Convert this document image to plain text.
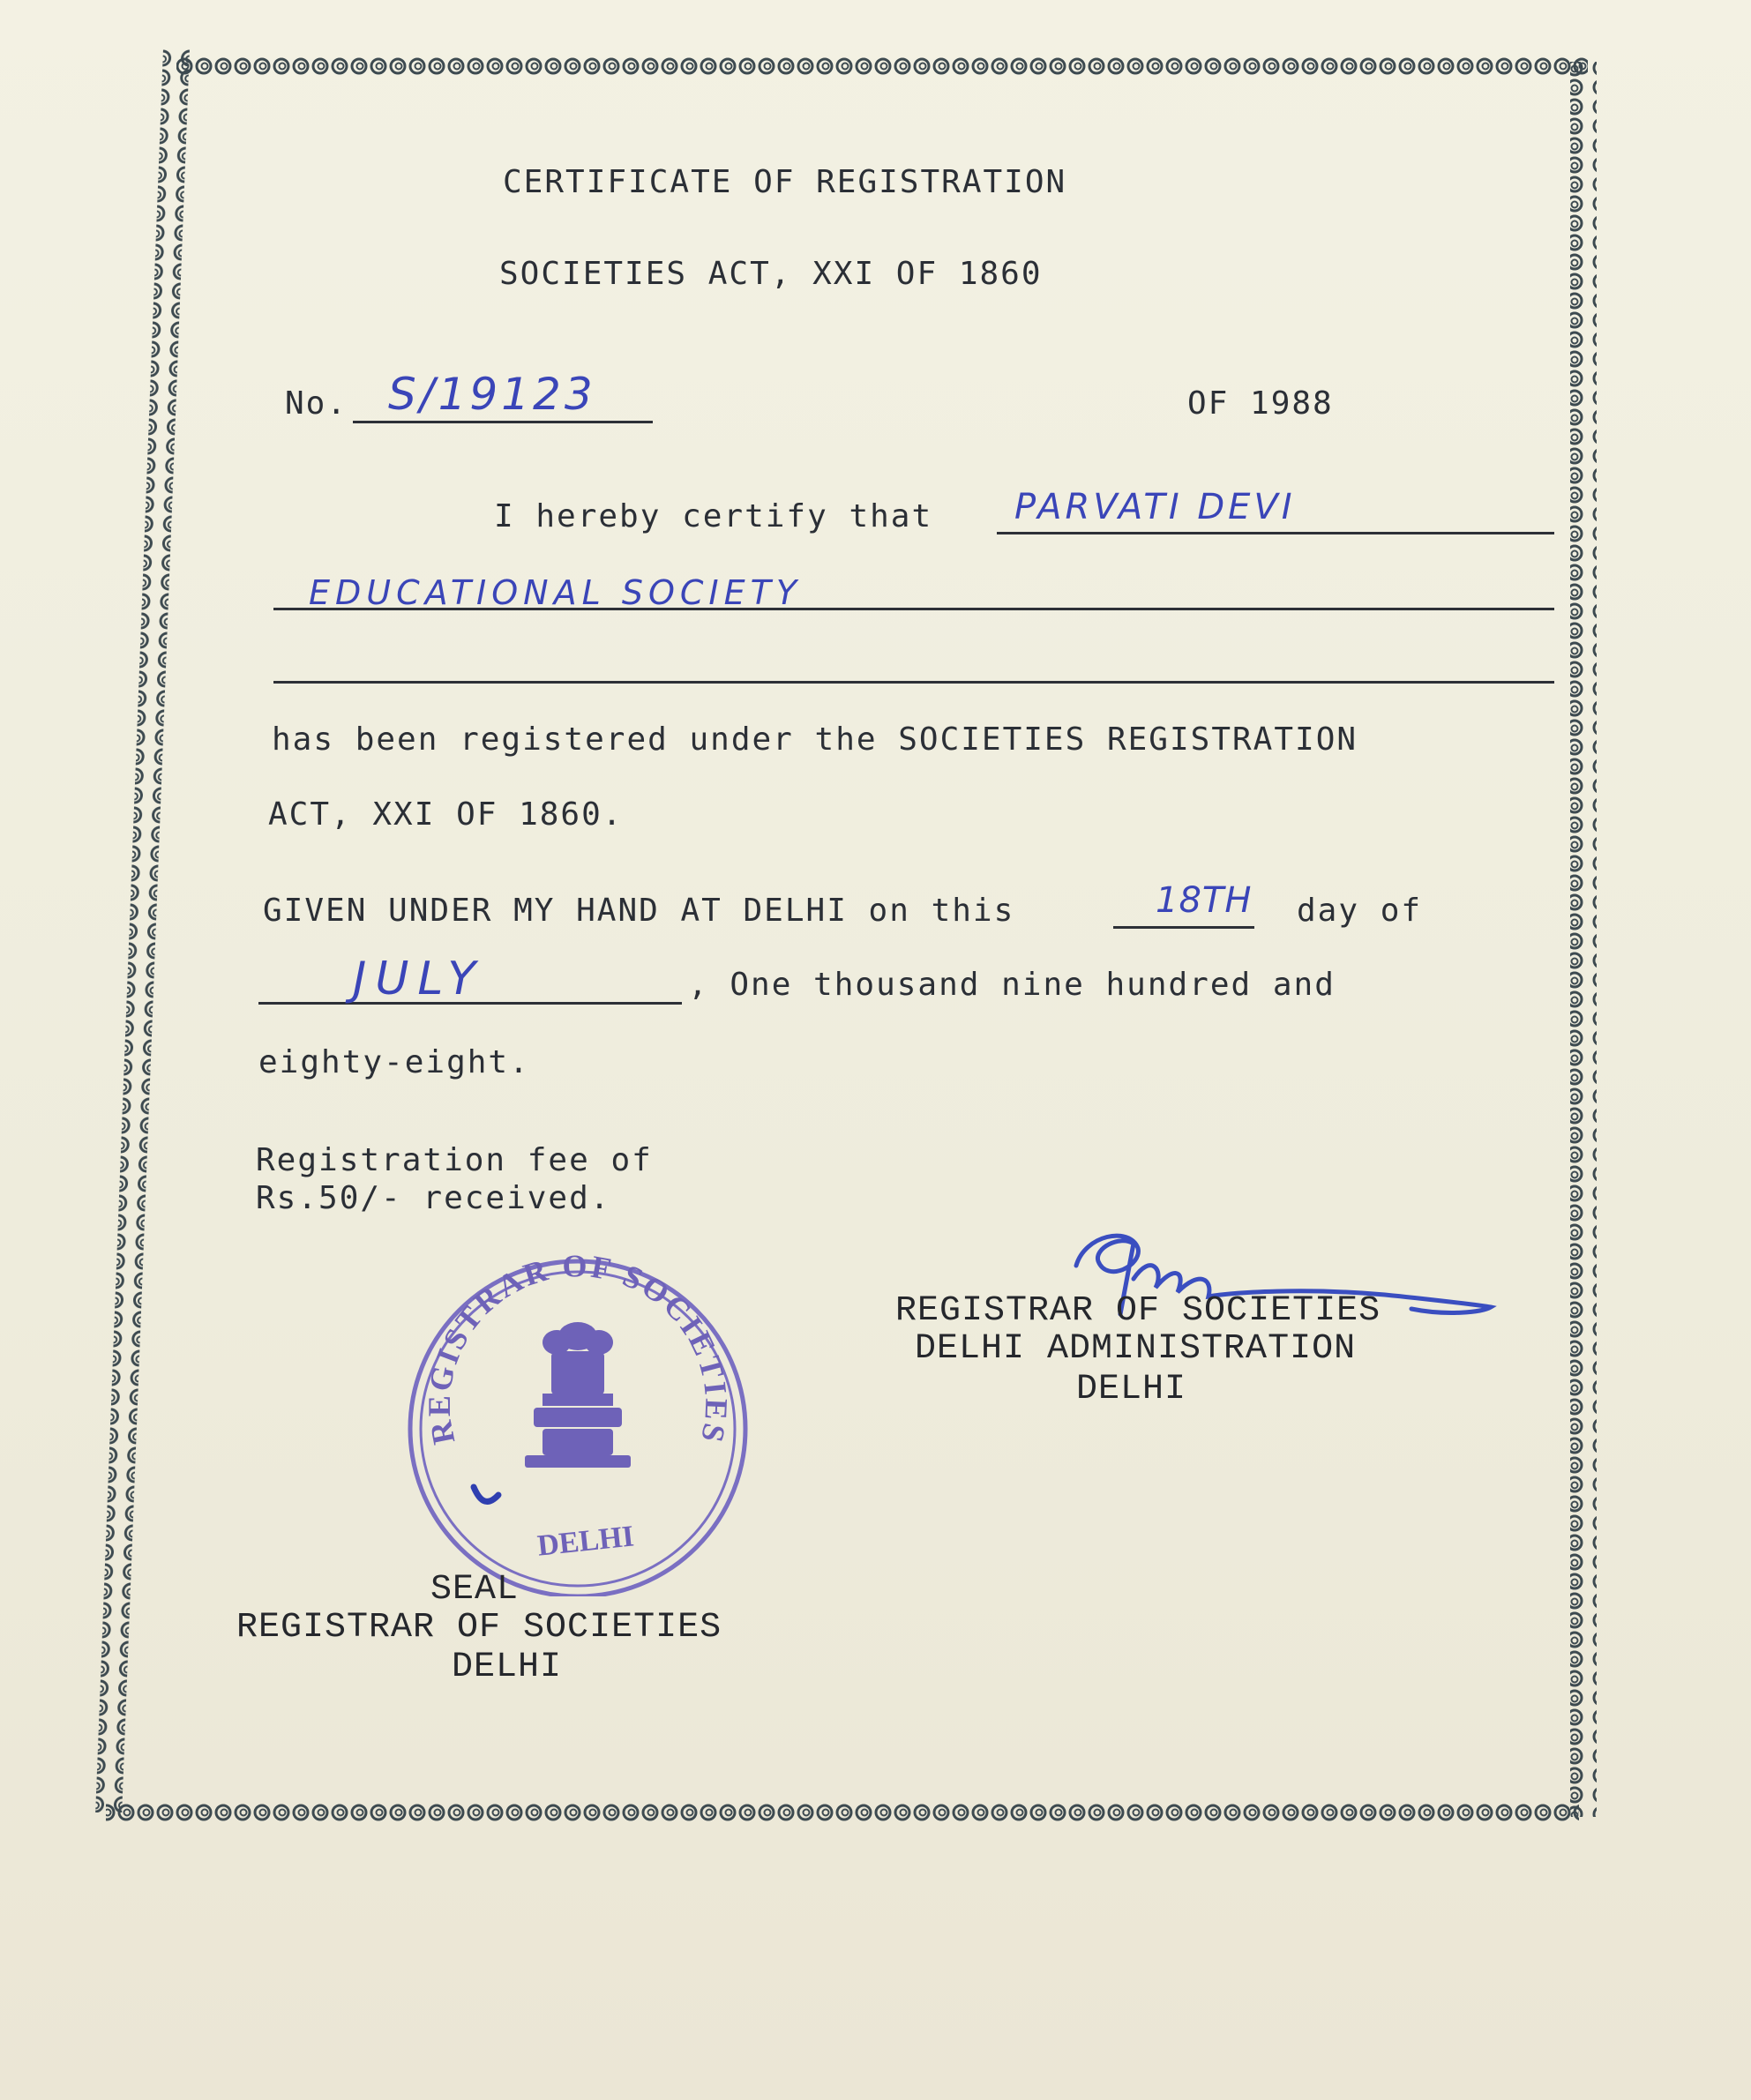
CERTIFICATE OF REGISTRATION
SOCIETIES ACT, XXI OF 1860
No. S/19123	OF 1988
I hereby certify that PARVATI DEVI
EDUCATIONAL SOCIETY
has been registered under the SOCIETIES REGISTRATION
ACT, XXI OF 1860.
GIVEN UNDER MY HAND AT DELHI on this	18TH day of
JULY	, One thousand nine hundred and
eighty-eight.
Registration fee of
Rs.50/- received.
REGISTRAR OF SOCIETIES
DELHI ADMINISTRATION
DELHI
REGISTRAR OF SOCIETIES
DELHI
SEAL
REGISTRAR OF SOCIETIES
DELHI
